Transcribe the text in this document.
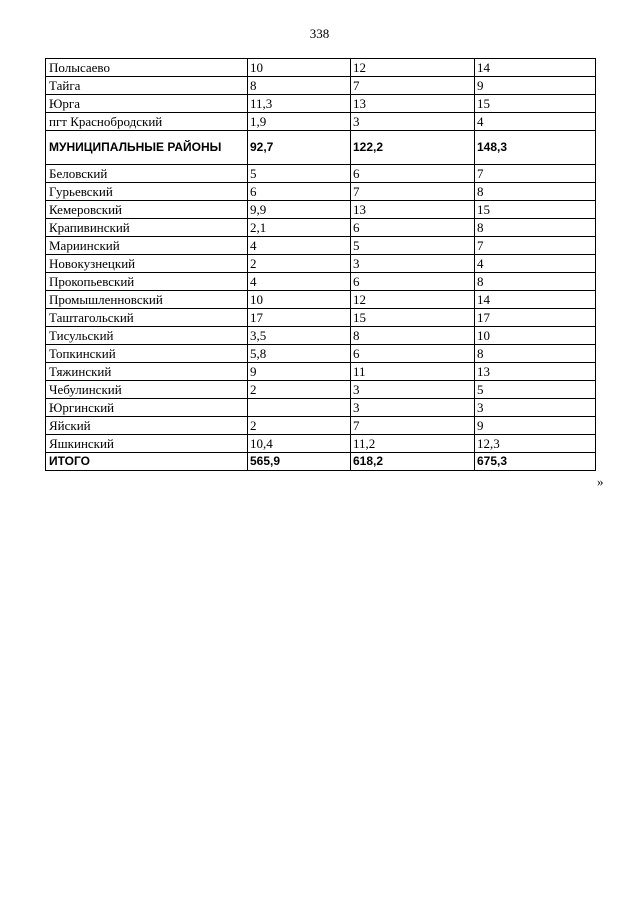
338
Полысаево	10	12	14
Тайга	8	7	9
Юрга	11,3	13	15
пгт Краснобродский	1,9	3	4
МУНИЦИПАЛЬНЫЕ РАЙОНЫ	92,7	122,2	148,3
Беловский	5	6	7
Гурьевский	6	7	8
Кемеровский	9,9	13	15
Крапивинский	2,1	6	8
Мариинский	4	5	7
Новокузнецкий	2	3	4
Прокопьевский	4	6	8
Промышленновский	10	12	14
Таштагольский	17	15	17
Тисульский	3,5	8	10
Топкинский	5,8	6	8
Тяжинский	9	11	13
Чебулинский	2	3	5
Юргинский		3	3
Яйский	2	7	9
Яшкинский	10,4	11,2	12,3
ИТОГО	565,9	618,2	675,3
»
